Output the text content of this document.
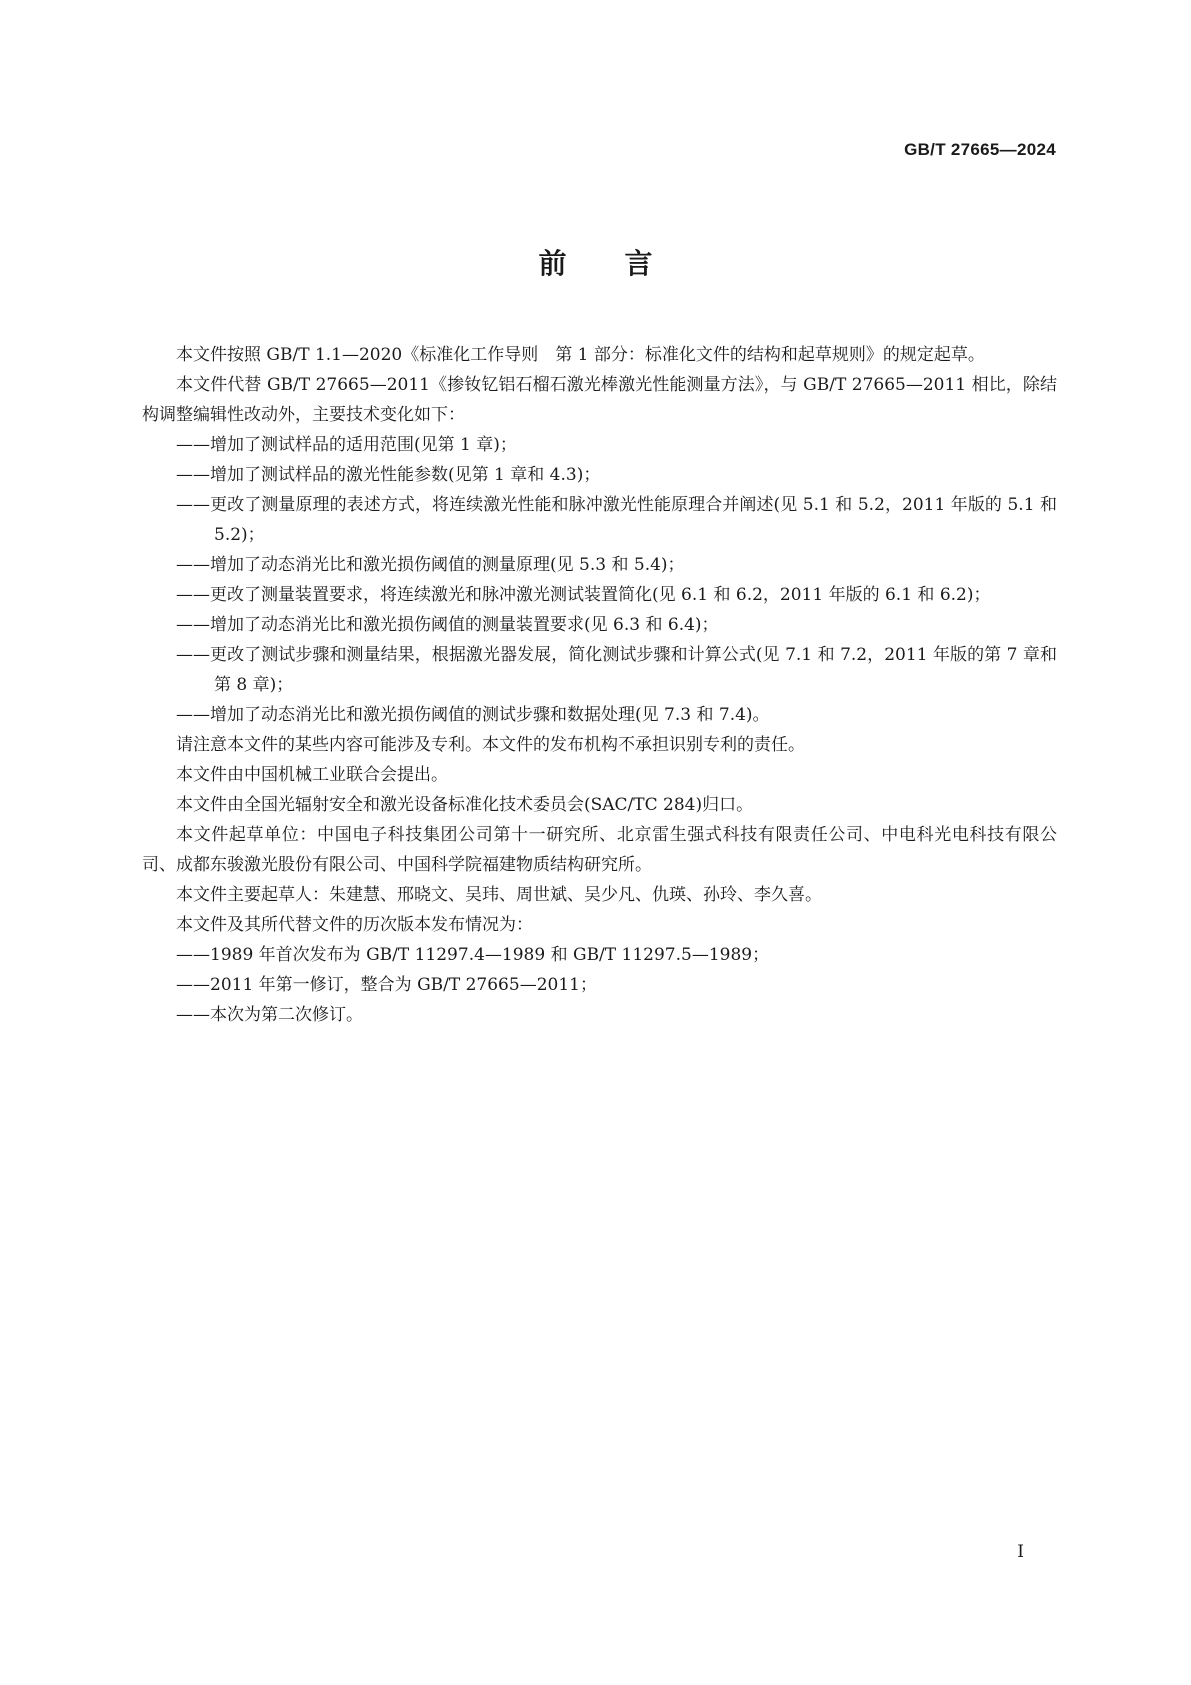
GB/T 27665—2024
前 言

本文件按照 GB/T 1.1—2020《标准化工作导则　第 1 部分：标准化文件的结构和起草规则》的规定起草。

本文件代替 GB/T 27665—2011《掺钕钇铝石榴石激光棒激光性能测量方法》，与 GB/T 27665—2011 相比，除结构调整编辑性改动外，主要技术变化如下：

——增加了测试样品的适用范围(见第 1 章)；

——增加了测试样品的激光性能参数(见第 1 章和 4.3)；

——更改了测量原理的表述方式，将连续激光性能和脉冲激光性能原理合并阐述(见 5.1 和 5.2，2011 年版的 5.1 和 5.2)；

——增加了动态消光比和激光损伤阈值的测量原理(见 5.3 和 5.4)；

——更改了测量装置要求，将连续激光和脉冲激光测试装置简化(见 6.1 和 6.2，2011 年版的 6.1 和 6.2)；

——增加了动态消光比和激光损伤阈值的测量装置要求(见 6.3 和 6.4)；

——更改了测试步骤和测量结果，根据激光器发展，简化测试步骤和计算公式(见 7.1 和 7.2，2011 年版的第 7 章和第 8 章)；

——增加了动态消光比和激光损伤阈值的测试步骤和数据处理(见 7.3 和 7.4)。

请注意本文件的某些内容可能涉及专利。本文件的发布机构不承担识别专利的责任。

本文件由中国机械工业联合会提出。

本文件由全国光辐射安全和激光设备标准化技术委员会(SAC/TC 284)归口。

本文件起草单位：中国电子科技集团公司第十一研究所、北京雷生强式科技有限责任公司、中电科光电科技有限公司、成都东骏激光股份有限公司、中国科学院福建物质结构研究所。

本文件主要起草人：朱建慧、邢晓文、吴玮、周世斌、吴少凡、仇瑛、孙玲、李久喜。

本文件及其所代替文件的历次版本发布情况为：

——1989 年首次发布为 GB/T 11297.4—1989 和 GB/T 11297.5—1989；

——2011 年第一修订，整合为 GB/T 27665—2011；

——本次为第二次修订。

I
